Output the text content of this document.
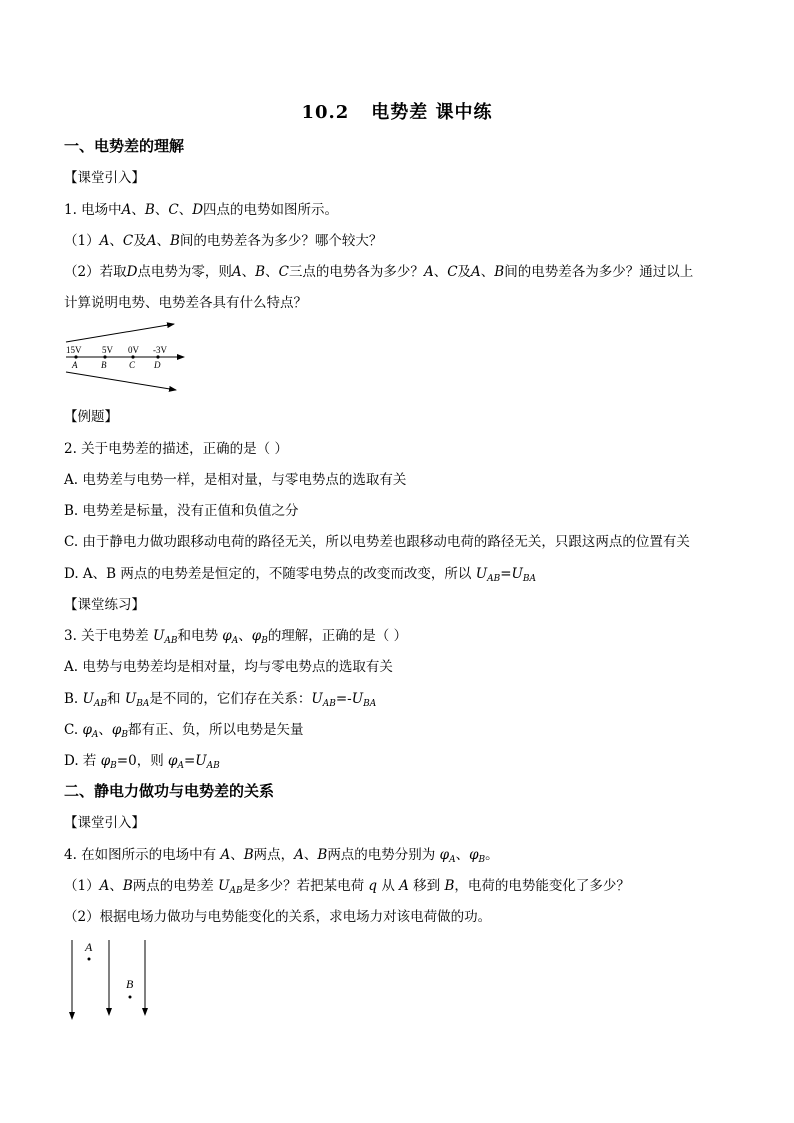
10.2 电势差 课中练
一、电势差的理解
【课堂引入】
1. 电场中A、B、C、D四点的电势如图所示。
（1）A、C及A、B间的电势差各为多少？哪个较大？
（2）若取D点电势为零，则A、B、C三点的电势各为多少？A、C及A、B间的电势差各为多少？通过以上
计算说明电势、电势差各具有什么特点？
15V 5V 0V -3V
A	B	C D
【例题】
2. 关于电势差的描述，正确的是（ ）
A. 电势差与电势一样，是相对量，与零电势点的选取有关
B. 电势差是标量，没有正值和负值之分
C. 由于静电力做功跟移动电荷的路径无关，所以电势差也跟移动电荷的路径无关，只跟这两点的位置有关
D. A、B 两点的电势差是恒定的，不随零电势点的改变而改变，所以 $U_{AB}=U_{BA}$
【课堂练习】
3. 关于电势差 $U_{AB}$和电势 $\varphi_A$、$\varphi_B$的理解，正确的是（ ）
A. 电势与电势差均是相对量，均与零电势点的选取有关
B. $U_{AB}$和 $U_{BA}$是不同的，它们存在关系：$U_{AB}=-U_{BA}$
C. $\varphi_A$、$\varphi_B$都有正、负，所以电势是矢量
D. 若 $\varphi_B=0$，则 $\varphi_A=U_{AB}$
二、静电力做功与电势差的关系
【课堂引入】
4. 在如图所示的电场中有 A、B两点，A、B两点的电势分别为 $\varphi_A$、$\varphi_B$。
（1）A、B两点的电势差 $U_{AB}$是多少？若把某电荷 q 从 A 移到 B，电荷的电势能变化了多少？
（2）根据电场力做功与电势能变化的关系，求电场力对该电荷做的功。
A
B
